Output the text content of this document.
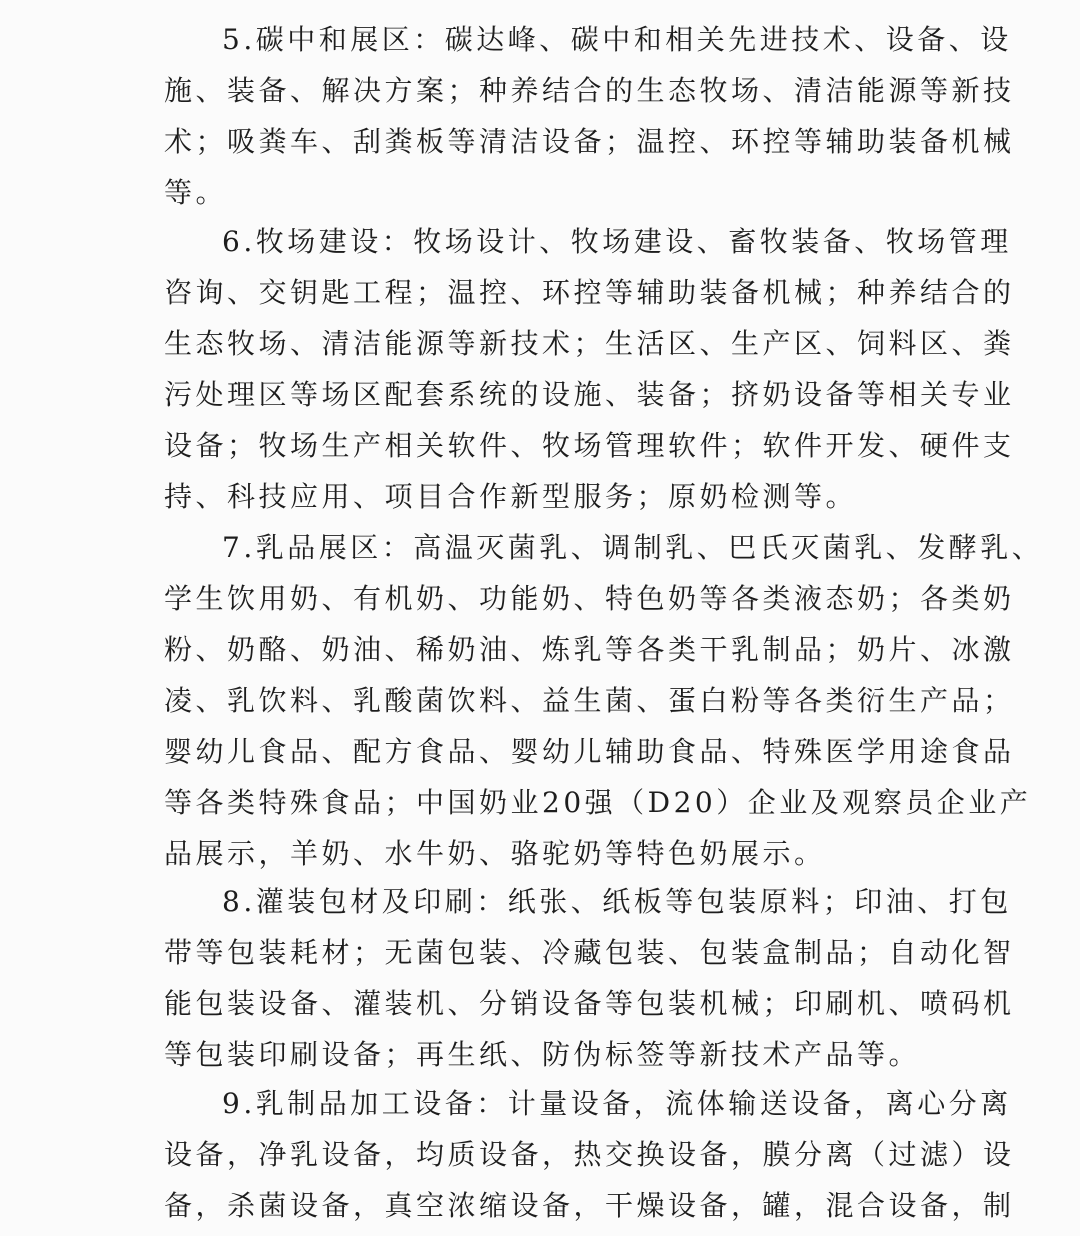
5.碳中和展区：碳达峰、碳中和相关先进技术、设备、设
施、装备、解决方案；种养结合的生态牧场、清洁能源等新技
术；吸粪车、刮粪板等清洁设备；温控、环控等辅助装备机械
等。
6.牧场建设：牧场设计、牧场建设、畜牧装备、牧场管理
咨询、交钥匙工程；温控、环控等辅助装备机械；种养结合的
生态牧场、清洁能源等新技术；生活区、生产区、饲料区、粪
污处理区等场区配套系统的设施、装备；挤奶设备等相关专业
设备；牧场生产相关软件、牧场管理软件；软件开发、硬件支
持、科技应用、项目合作新型服务；原奶检测等。
7.乳品展区：高温灭菌乳、调制乳、巴氏灭菌乳、发酵乳、
学生饮用奶、有机奶、功能奶、特色奶等各类液态奶；各类奶
粉、奶酪、奶油、稀奶油、炼乳等各类干乳制品；奶片、冰激
凌、乳饮料、乳酸菌饮料、益生菌、蛋白粉等各类衍生产品；
婴幼儿食品、配方食品、婴幼儿辅助食品、特殊医学用途食品
等各类特殊食品；中国奶业20强（D20）企业及观察员企业产
品展示，羊奶、水牛奶、骆驼奶等特色奶展示。
8.灌装包材及印刷：纸张、纸板等包装原料；印油、打包
带等包装耗材；无菌包装、冷藏包装、包装盒制品；自动化智
能包装设备、灌装机、分销设备等包装机械；印刷机、喷码机
等包装印刷设备；再生纸、防伪标签等新技术产品等。
9.乳制品加工设备：计量设备，流体输送设备，离心分离
设备，净乳设备，均质设备，热交换设备，膜分离（过滤）设
备，杀菌设备，真空浓缩设备，干燥设备，罐，混合设备，制
